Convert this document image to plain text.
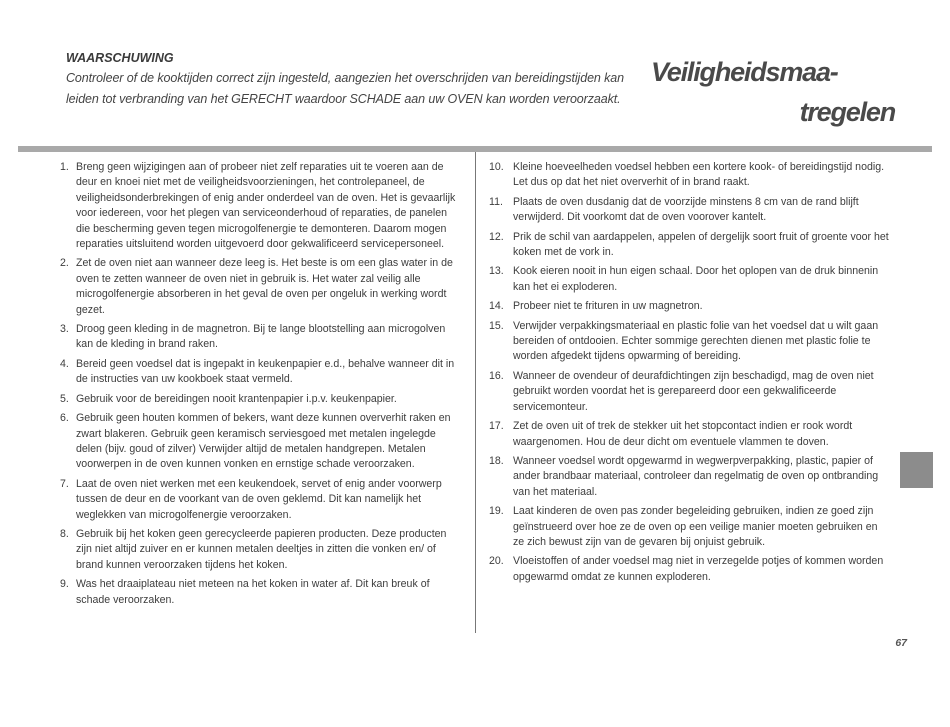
WAARSCHUWING
Controleer of de kooktijden correct zijn ingesteld, aangezien het overschrijden van bereidingstijden kan leiden tot verbranding van het GERECHT waardoor SCHADE aan uw OVEN kan worden veroorzaakt.
Veiligheidsmaa-
tregelen
1. Breng geen wijzigingen aan of probeer niet zelf reparaties uit te voeren aan de deur en knoei niet met de veiligheidsvoorzieningen, het controlepaneel, de veiligheidsonderbrekingen of enig ander onderdeel van de oven. Het is gevaarlijk voor iedereen, voor het plegen van serviceonderhoud of reparaties, de panelen die bescherming geven tegen microgolfenergie te demonteren. Daarom mogen reparaties uitsluitend worden uitgevoerd door gekwalificeerd servicepersoneel.
2. Zet de oven niet aan wanneer deze leeg is. Het beste is om een glas water in de oven te zetten wanneer de oven niet in gebruik is. Het water zal veilig alle microgolfenergie absorberen in het geval de oven per ongeluk in werking wordt gezet.
3. Droog geen kleding in de magnetron. Bij te lange blootstelling aan microgolven kan de kleding in brand raken.
4. Bereid geen voedsel dat is ingepakt in keukenpapier e.d., behalve wanneer dit in de instructies van uw kookboek staat vermeld.
5. Gebruik voor de bereidingen nooit krantenpapier i.p.v. keukenpapier.
6. Gebruik geen houten kommen of bekers, want deze kunnen oververhit raken en zwart blakeren. Gebruik geen keramisch serviesgoed met metalen ingelegde delen (bijv. goud of zilver) Verwijder altijd de metalen handgrepen. Metalen voorwerpen in de oven kunnen vonken en ernstige schade veroorzaken.
7. Laat de oven niet werken met een keukendoek, servet of enig ander voorwerp tussen de deur en de voorkant van de oven geklemd. Dit kan namelijk het weglekken van microgolfenergie veroorzaken.
8. Gebruik bij het koken geen gerecycleerde papieren producten. Deze producten zijn niet altijd zuiver en er kunnen metalen deeltjes in zitten die vonken en/ of brand kunnen veroorzaken tijdens het koken.
9. Was het draaiplateau niet meteen na het koken in water af. Dit kan breuk of schade veroorzaken.
10. Kleine hoeveelheden voedsel hebben een kortere kook- of bereidingstijd nodig. Let dus op dat het niet oververhit of in brand raakt.
11. Plaats de oven dusdanig dat de voorzijde minstens 8 cm van de rand blijft verwijderd. Dit voorkomt dat de oven voorover kantelt.
12. Prik de schil van aardappelen, appelen of dergelijk soort fruit of groente voor het koken met de vork in.
13. Kook eieren nooit in hun eigen schaal. Door het oplopen van de druk binnenin kan het ei exploderen.
14. Probeer niet te frituren in uw magnetron.
15. Verwijder verpakkingsmateriaal en plastic folie van het voedsel dat u wilt gaan bereiden of ontdooien. Echter sommige gerechten dienen met plastic folie te worden afgedekt tijdens opwarming of bereiding.
16. Wanneer de ovendeur of deurafdichtingen zijn beschadigd, mag de oven niet gebruikt worden voordat het is gerepareerd door een gekwalificeerde servicemonteur.
17. Zet de oven uit of trek de stekker uit het stopcontact indien er rook wordt waargenomen. Hou de deur dicht om eventuele vlammen te doven.
18. Wanneer voedsel wordt opgewarmd in wegwerpverpakking, plastic, papier of ander brandbaar materiaal, controleer dan regelmatig de oven op ontbranding van het materiaal.
19. Laat kinderen de oven pas zonder begeleiding gebruiken, indien ze goed zijn geïnstrueerd over hoe ze de oven op een veilige manier moeten gebruiken en ze zich bewust zijn van de gevaren bij onjuist gebruik.
20. Vloeistoffen of ander voedsel mag niet in verzegelde potjes of kommen worden opgewarmd omdat ze kunnen exploderen.
67
